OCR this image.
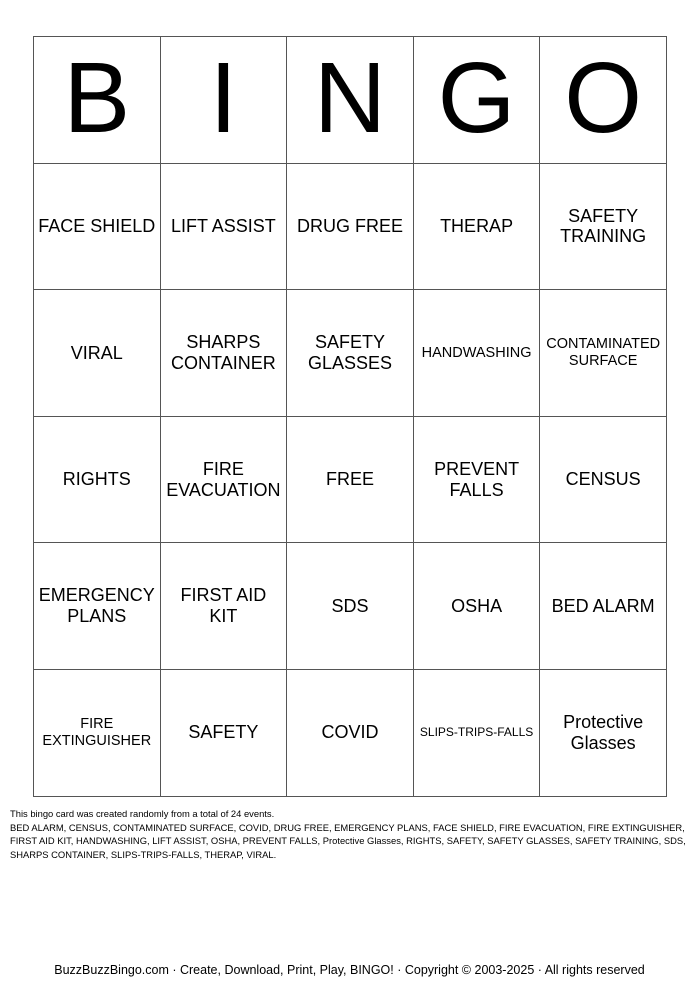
B	I	N	G	O
FACE SHIELD	LIFT ASSIST	DRUG FREE	THERAP	SAFETY TRAINING
VIRAL	SHARPS CONTAINER	SAFETY GLASSES	HANDWASHING	CONTAMINATED SURFACE
RIGHTS	FIRE EVACUATION	FREE	PREVENT FALLS	CENSUS
EMERGENCY PLANS	FIRST AID KIT	SDS	OSHA	BED ALARM
FIRE EXTINGUISHER	SAFETY	COVID	SLIPS-TRIPS-FALLS	Protective Glasses

This bingo card was created randomly from a total of 24 events.

BED ALARM, CENSUS, CONTAMINATED SURFACE, COVID, DRUG FREE, EMERGENCY PLANS, FACE SHIELD, FIRE EVACUATION, FIRE EXTINGUISHER, FIRST AID KIT, HANDWASHING, LIFT ASSIST, OSHA, PREVENT FALLS, Protective Glasses, RIGHTS, SAFETY, SAFETY GLASSES, SAFETY TRAINING, SDS, SHARPS CONTAINER, SLIPS-TRIPS-FALLS, THERAP, VIRAL.

BuzzBuzzBingo.com · Create, Download, Print, Play, BINGO! · Copyright © 2003-2025 · All rights reserved
